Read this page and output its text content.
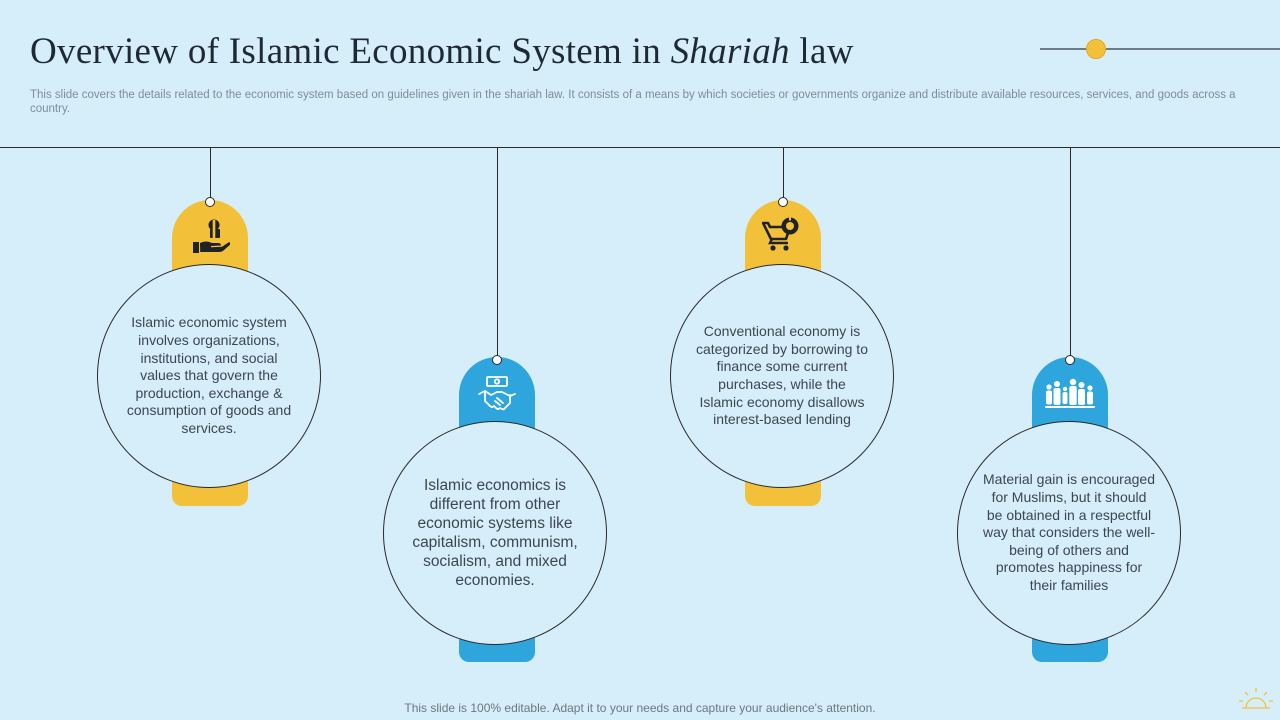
Overview of Islamic Economic System in Shariah law
This slide covers the details related to the economic system based on guidelines given in the shariah law. It consists of a means by which societies or governments organize and distribute available resources, services, and goods across a country.
Islamic economic system involves organizations, institutions, and social values that govern the production, exchange & consumption of goods and services.
Islamic economics is different from other economic systems like capitalism, communism, socialism, and mixed economies.
Conventional economy is categorized by borrowing to finance some current purchases, while the Islamic economy disallows interest-based lending
Material gain is encouraged for Muslims, but it should be obtained in a respectful way that considers the well-being of others and promotes happiness for their families
This slide is 100% editable. Adapt it to your needs and capture your audience's attention.
